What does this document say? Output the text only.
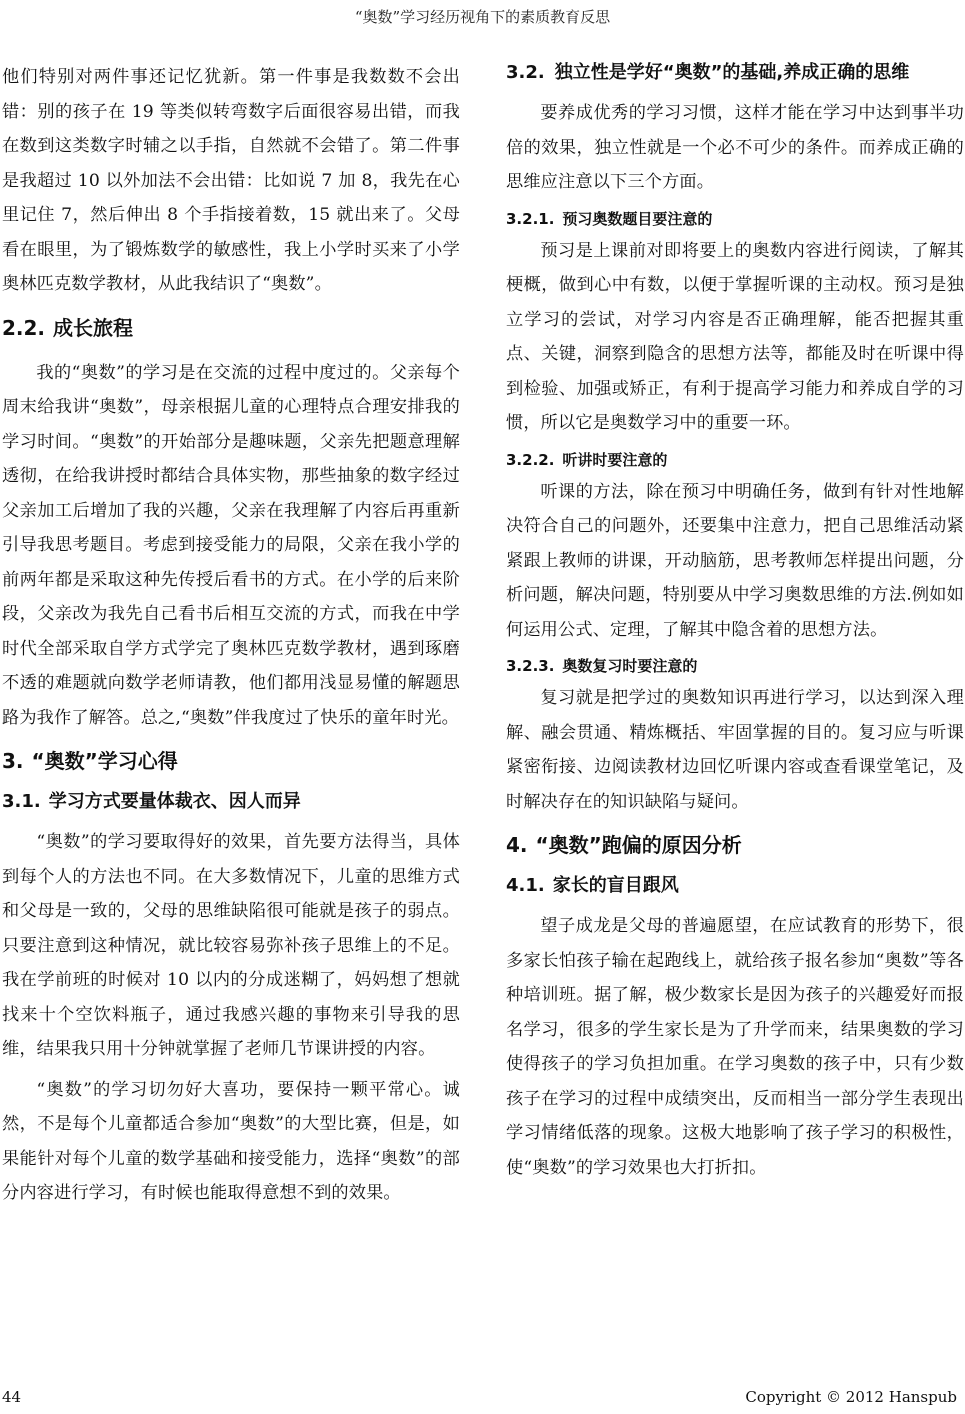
“奥数”学习经历视角下的素质教育反思

他们特别对两件事还记忆犹新。第一件事是我数数不会出错：别的孩子在 19 等类似转弯数字后面很容易出错，而我在数到这类数字时辅之以手指，自然就不会错了。第二件事是我超过 10 以外加法不会出错：比如说 7 加 8，我先在心里记住 7，然后伸出 8 个手指接着数，15 就出来了。父母看在眼里，为了锻炼数学的敏感性，我上小学时买来了小学奥林匹克数学教材，从此我结识了“奥数”。

2.2. 成长旅程

我的“奥数”的学习是在交流的过程中度过的。父亲每个周末给我讲“奥数”，母亲根据儿童的心理特点合理安排我的学习时间。“奥数”的开始部分是趣味题，父亲先把题意理解透彻，在给我讲授时都结合具体实物，那些抽象的数字经过父亲加工后增加了我的兴趣，父亲在我理解了内容后再重新引导我思考题目。考虑到接受能力的局限，父亲在我小学的前两年都是采取这种先传授后看书的方式。在小学的后来阶段，父亲改为我先自己看书后相互交流的方式，而我在中学时代全部采取自学方式学完了奥林匹克数学教材，遇到琢磨不透的难题就向数学老师请教，他们都用浅显易懂的解题思路为我作了解答。总之,“奥数”伴我度过了快乐的童年时光。

3. “奥数”学习心得
3.1. 学习方式要量体裁衣、因人而异

“奥数”的学习要取得好的效果，首先要方法得当，具体到每个人的方法也不同。在大多数情况下，儿童的思维方式和父母是一致的，父母的思维缺陷很可能就是孩子的弱点。只要注意到这种情况，就比较容易弥补孩子思维上的不足。我在学前班的时候对 10 以内的分成迷糊了，妈妈想了想就找来十个空饮料瓶子，通过我感兴趣的事物来引导我的思维，结果我只用十分钟就掌握了老师几节课讲授的内容。

“奥数”的学习切勿好大喜功，要保持一颗平常心。诚然，不是每个儿童都适合参加“奥数”的大型比赛，但是，如果能针对每个儿童的数学基础和接受能力，选择“奥数”的部分内容进行学习，有时候也能取得意想不到的效果。

3.2. 独立性是学好“奥数”的基础,养成正确的思维

要养成优秀的学习习惯，这样才能在学习中达到事半功倍的效果，独立性就是一个必不可少的条件。而养成正确的思维应注意以下三个方面。

3.2.1. 预习奥数题目要注意的

预习是上课前对即将要上的奥数内容进行阅读，了解其梗概，做到心中有数，以便于掌握听课的主动权。预习是独立学习的尝试，对学习内容是否正确理解，能否把握其重点、关键，洞察到隐含的思想方法等，都能及时在听课中得到检验、加强或矫正，有利于提高学习能力和养成自学的习惯，所以它是奥数学习中的重要一环。

3.2.2. 听讲时要注意的

听课的方法，除在预习中明确任务，做到有针对性地解决符合自己的问题外，还要集中注意力，把自己思维活动紧紧跟上教师的讲课，开动脑筋，思考教师怎样提出问题，分析问题，解决问题，特别要从中学习奥数思维的方法.例如如何运用公式、定理，了解其中隐含着的思想方法。

3.2.3. 奥数复习时要注意的

复习就是把学过的奥数知识再进行学习，以达到深入理解、融会贯通、精炼概括、牢固掌握的目的。复习应与听课紧密衔接、边阅读教材边回忆听课内容或查看课堂笔记，及时解决存在的知识缺陷与疑问。

4. “奥数”跑偏的原因分析
4.1. 家长的盲目跟风

望子成龙是父母的普遍愿望，在应试教育的形势下，很多家长怕孩子输在起跑线上，就给孩子报名参加“奥数”等各种培训班。据了解，极少数家长是因为孩子的兴趣爱好而报名学习，很多的学生家长是为了升学而来，结果奥数的学习使得孩子的学习负担加重。在学习奥数的孩子中，只有少数孩子在学习的过程中成绩突出，反而相当一部分学生表现出学习情绪低落的现象。这极大地影响了孩子学习的积极性，使“奥数”的学习效果也大打折扣。

44	Copyright © 2012 Hanspub
